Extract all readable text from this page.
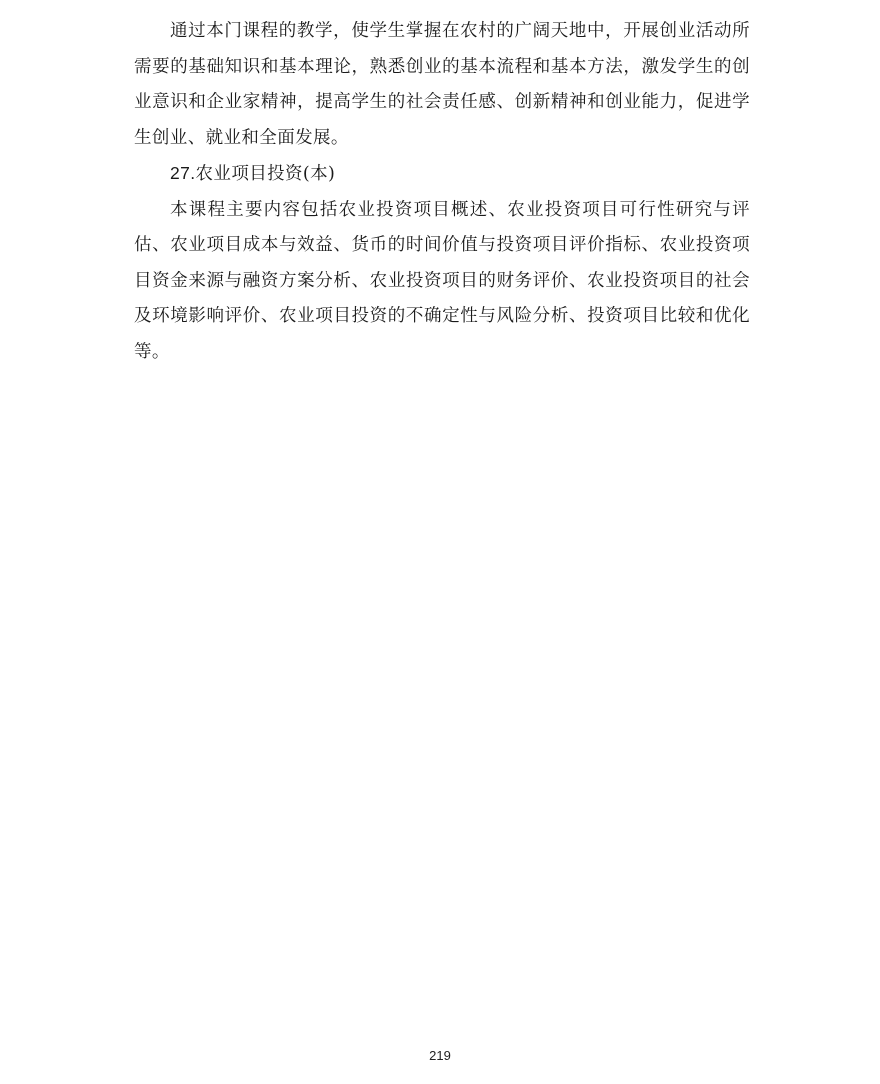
通过本门课程的教学，使学生掌握在农村的广阔天地中，开展创业活动所需要的基础知识和基本理论，熟悉创业的基本流程和基本方法，激发学生的创业意识和企业家精神，提高学生的社会责任感、创新精神和创业能力，促进学生创业、就业和全面发展。

27.农业项目投资(本)

本课程主要内容包括农业投资项目概述、农业投资项目可行性研究与评估、农业项目成本与效益、货币的时间价值与投资项目评价指标、农业投资项目资金来源与融资方案分析、农业投资项目的财务评价、农业投资项目的社会及环境影响评价、农业项目投资的不确定性与风险分析、投资项目比较和优化等。

219
